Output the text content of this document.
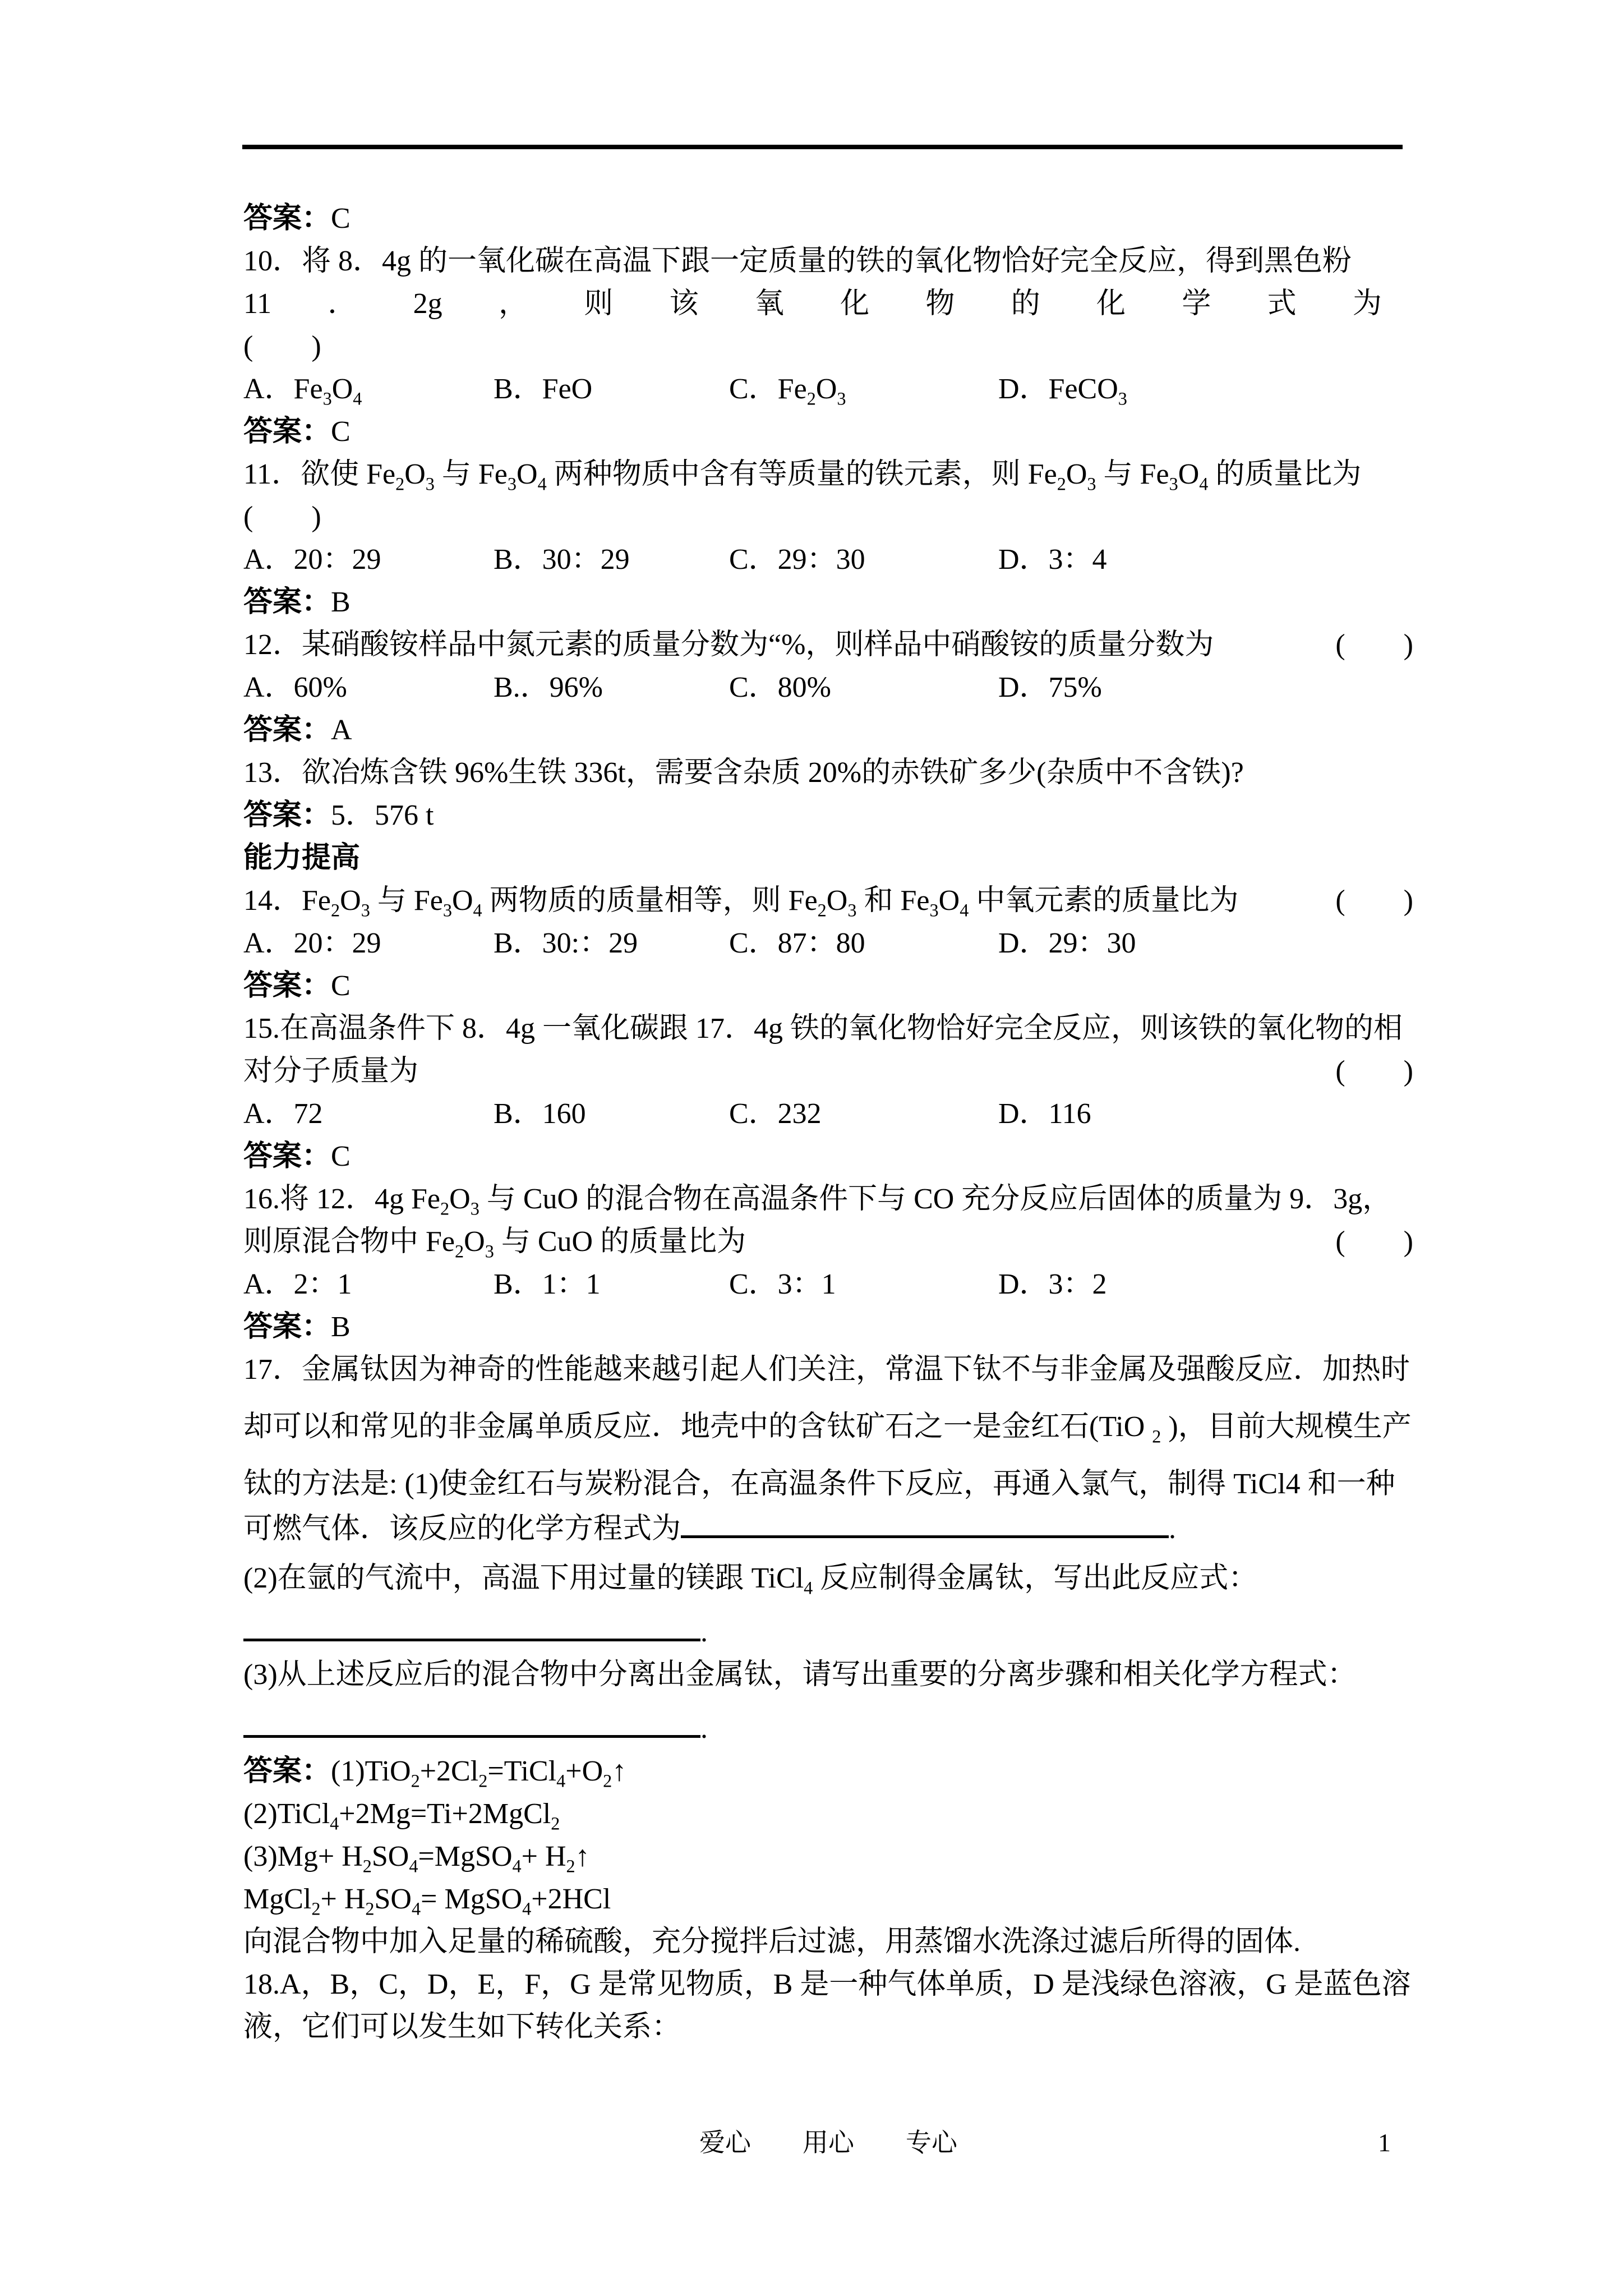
答案：C
10．将 8．4g 的一氧化碳在高温下跟一定质量的铁的氧化物恰好完全反应，得到黑色粉
11 ． 2g ， 则 该 氧 化 物 的 化 学 式 为
(　　)
A．$Fe_3O_4$	B．FeO	C．$Fe_2O_3$	D．FeCO$_3$
答案：C
11．欲使 $Fe_2O_3$ 与 $Fe_3O_4$ 两种物质中含有等质量的铁元素，则 $Fe_2O_3$ 与 $Fe_3O_4$ 的质量比为(　　)
A．20：29	B．30：29	C．29：30	D．3：4
答案：B
12．某硝酸铵样品中氮元素的质量分数为“%，则样品中硝酸铵的质量分数为	(　　)
A．60%	B.．96%	C．80%	D．75%
答案：A
13．欲冶炼含铁 96%生铁 336t，需要含杂质 20%的赤铁矿多少(杂质中不含铁)?
答案：5．576 t
能力提高
14．$Fe_2O_3$ 与 $Fe_3O_4$ 两物质的质量相等，则 $Fe_2O_3$ 和 $Fe_3O_4$ 中氧元素的质量比为	(　　)
A．20：29	B．30:：29	C．87：80	D．29：30
答案：C
15.在高温条件下 8．4g 一氧化碳跟 17．4g 铁的氧化物恰好完全反应，则该铁的氧化物的相
对分子质量为	(　　)
A．72	B．160	C．232	D．116
答案：C
16.将 12．4g $Fe_2O_3$ 与 CuO 的混合物在高温条件下与 CO 充分反应后固体的质量为 9．3g，
则原混合物中 $Fe_2O_3$ 与 CuO 的质量比为	(　　)
A．2：1	B．1：1	C．3：1	D．3：2
答案：B
17．金属钛因为神奇的性能越来越引起人们关注，常温下钛不与非金属及强酸反应．加热时
却可以和常见的非金属单质反应．地壳中的含钛矿石之一是金红石(TiO $_2$ )，目前大规模生产
钛的方法是: (1)使金红石与炭粉混合，在高温条件下反应，再通入氯气，制得 TiCl4 和一种
可燃气体．该反应的化学方程式为	.
(2)在氩的气流中，高温下用过量的镁跟 TiCl$_4$ 反应制得金属钛，写出此反应式：
.
(3)从上述反应后的混合物中分离出金属钛，请写出重要的分离步骤和相关化学方程式：
.
答案：$(1)TiO_2+2Cl_2=TiCl_4+O_2↑$
(2)TiCl$_4$+2Mg=Ti+2MgCl$_2$
$(3)Mg+ H_2SO_4=MgSO_4+$ $H_2↑$
MgCl$_2$+ $H_2SO_4=$ MgSO$_4$+2HCl
向混合物中加入足量的稀硫酸，充分搅拌后过滤，用蒸馏水洗涤过滤后所得的固体.
18.A，B，C，D，E，F，G 是常见物质，B 是一种气体单质，D 是浅绿色溶液，G 是蓝色溶
液，它们可以发生如下转化关系：
爱心　　用心　　专心	1
